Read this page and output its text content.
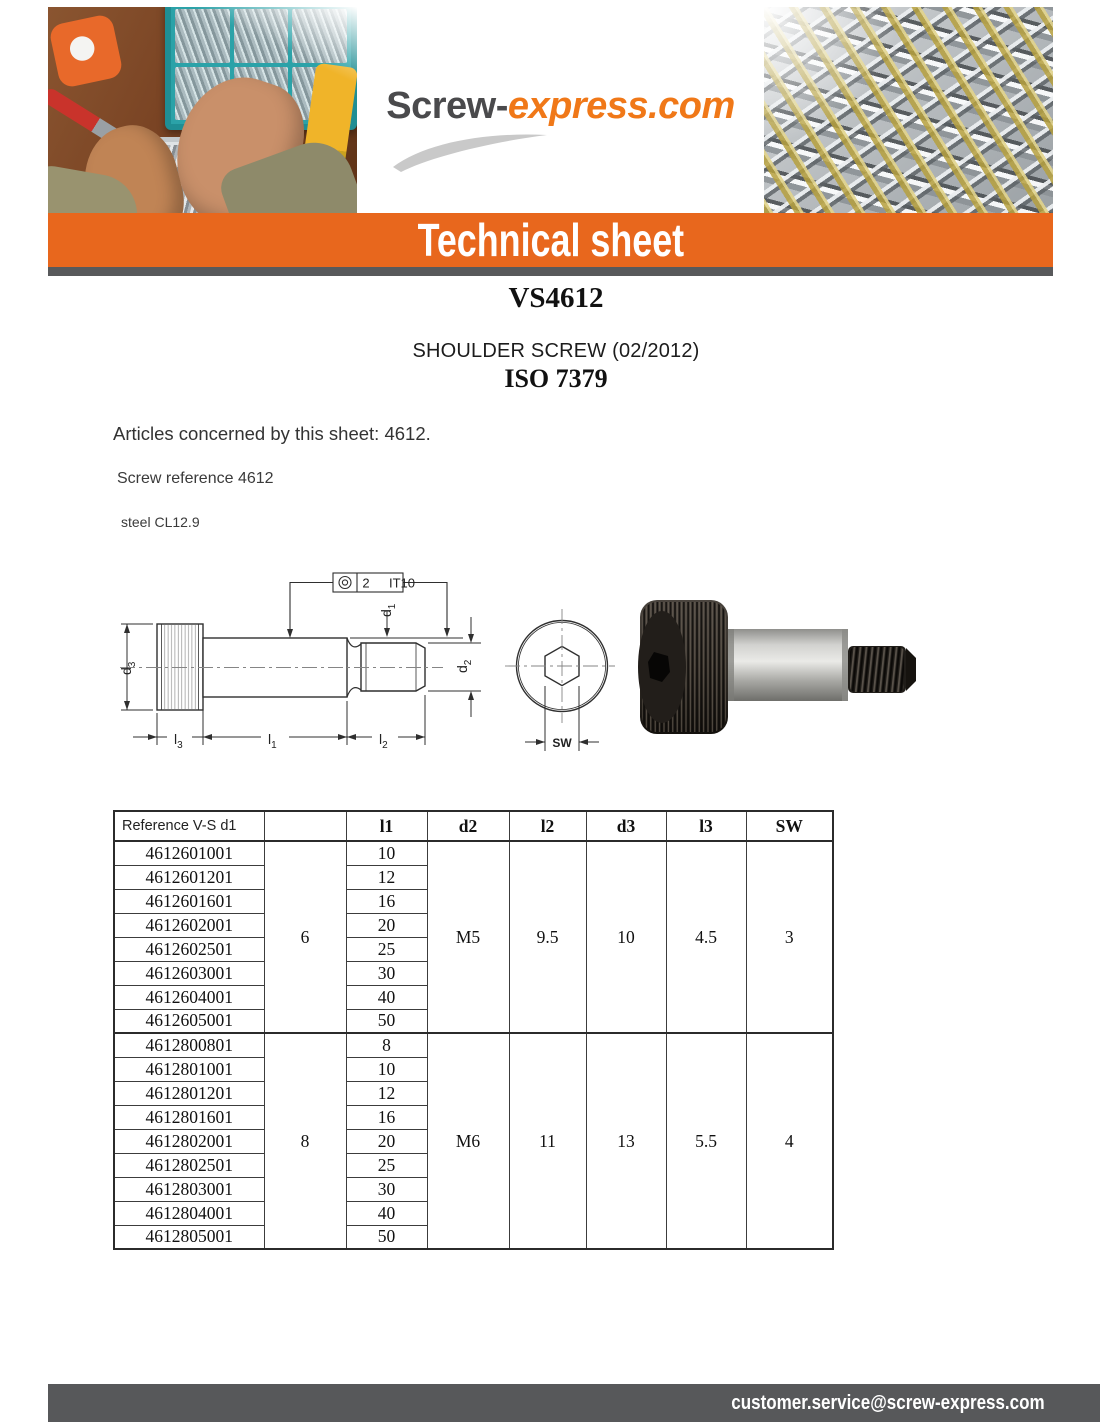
Screw-express.com
Technical sheet
VS4612
SHOULDER SCREW (02/2012)
ISO 7379
Articles concerned by this sheet: 4612.
Screw reference 4612
steel CL12.9
2 IT10
$d_3$
$d_1$
$d_2$
$l_3$	$l_1$	$l_2$	SW
Reference V-S d1		l1	d2	l2	d3	l3	SW
4612601001	6	10	M5	9.5	10	4.5	3
4612601201		12					
4612601601		16					
4612602001		20					
4612602501		25					
4612603001		30					
4612604001		40					
4612605001		50					
4612800801	8	8	M6	11	13	5.5	4
4612801001		10					
4612801201		12					
4612801601		16					
4612802001		20					
4612802501		25					
4612803001		30					
4612804001		40					
4612805001		50					
customer.service@screw-express.com
